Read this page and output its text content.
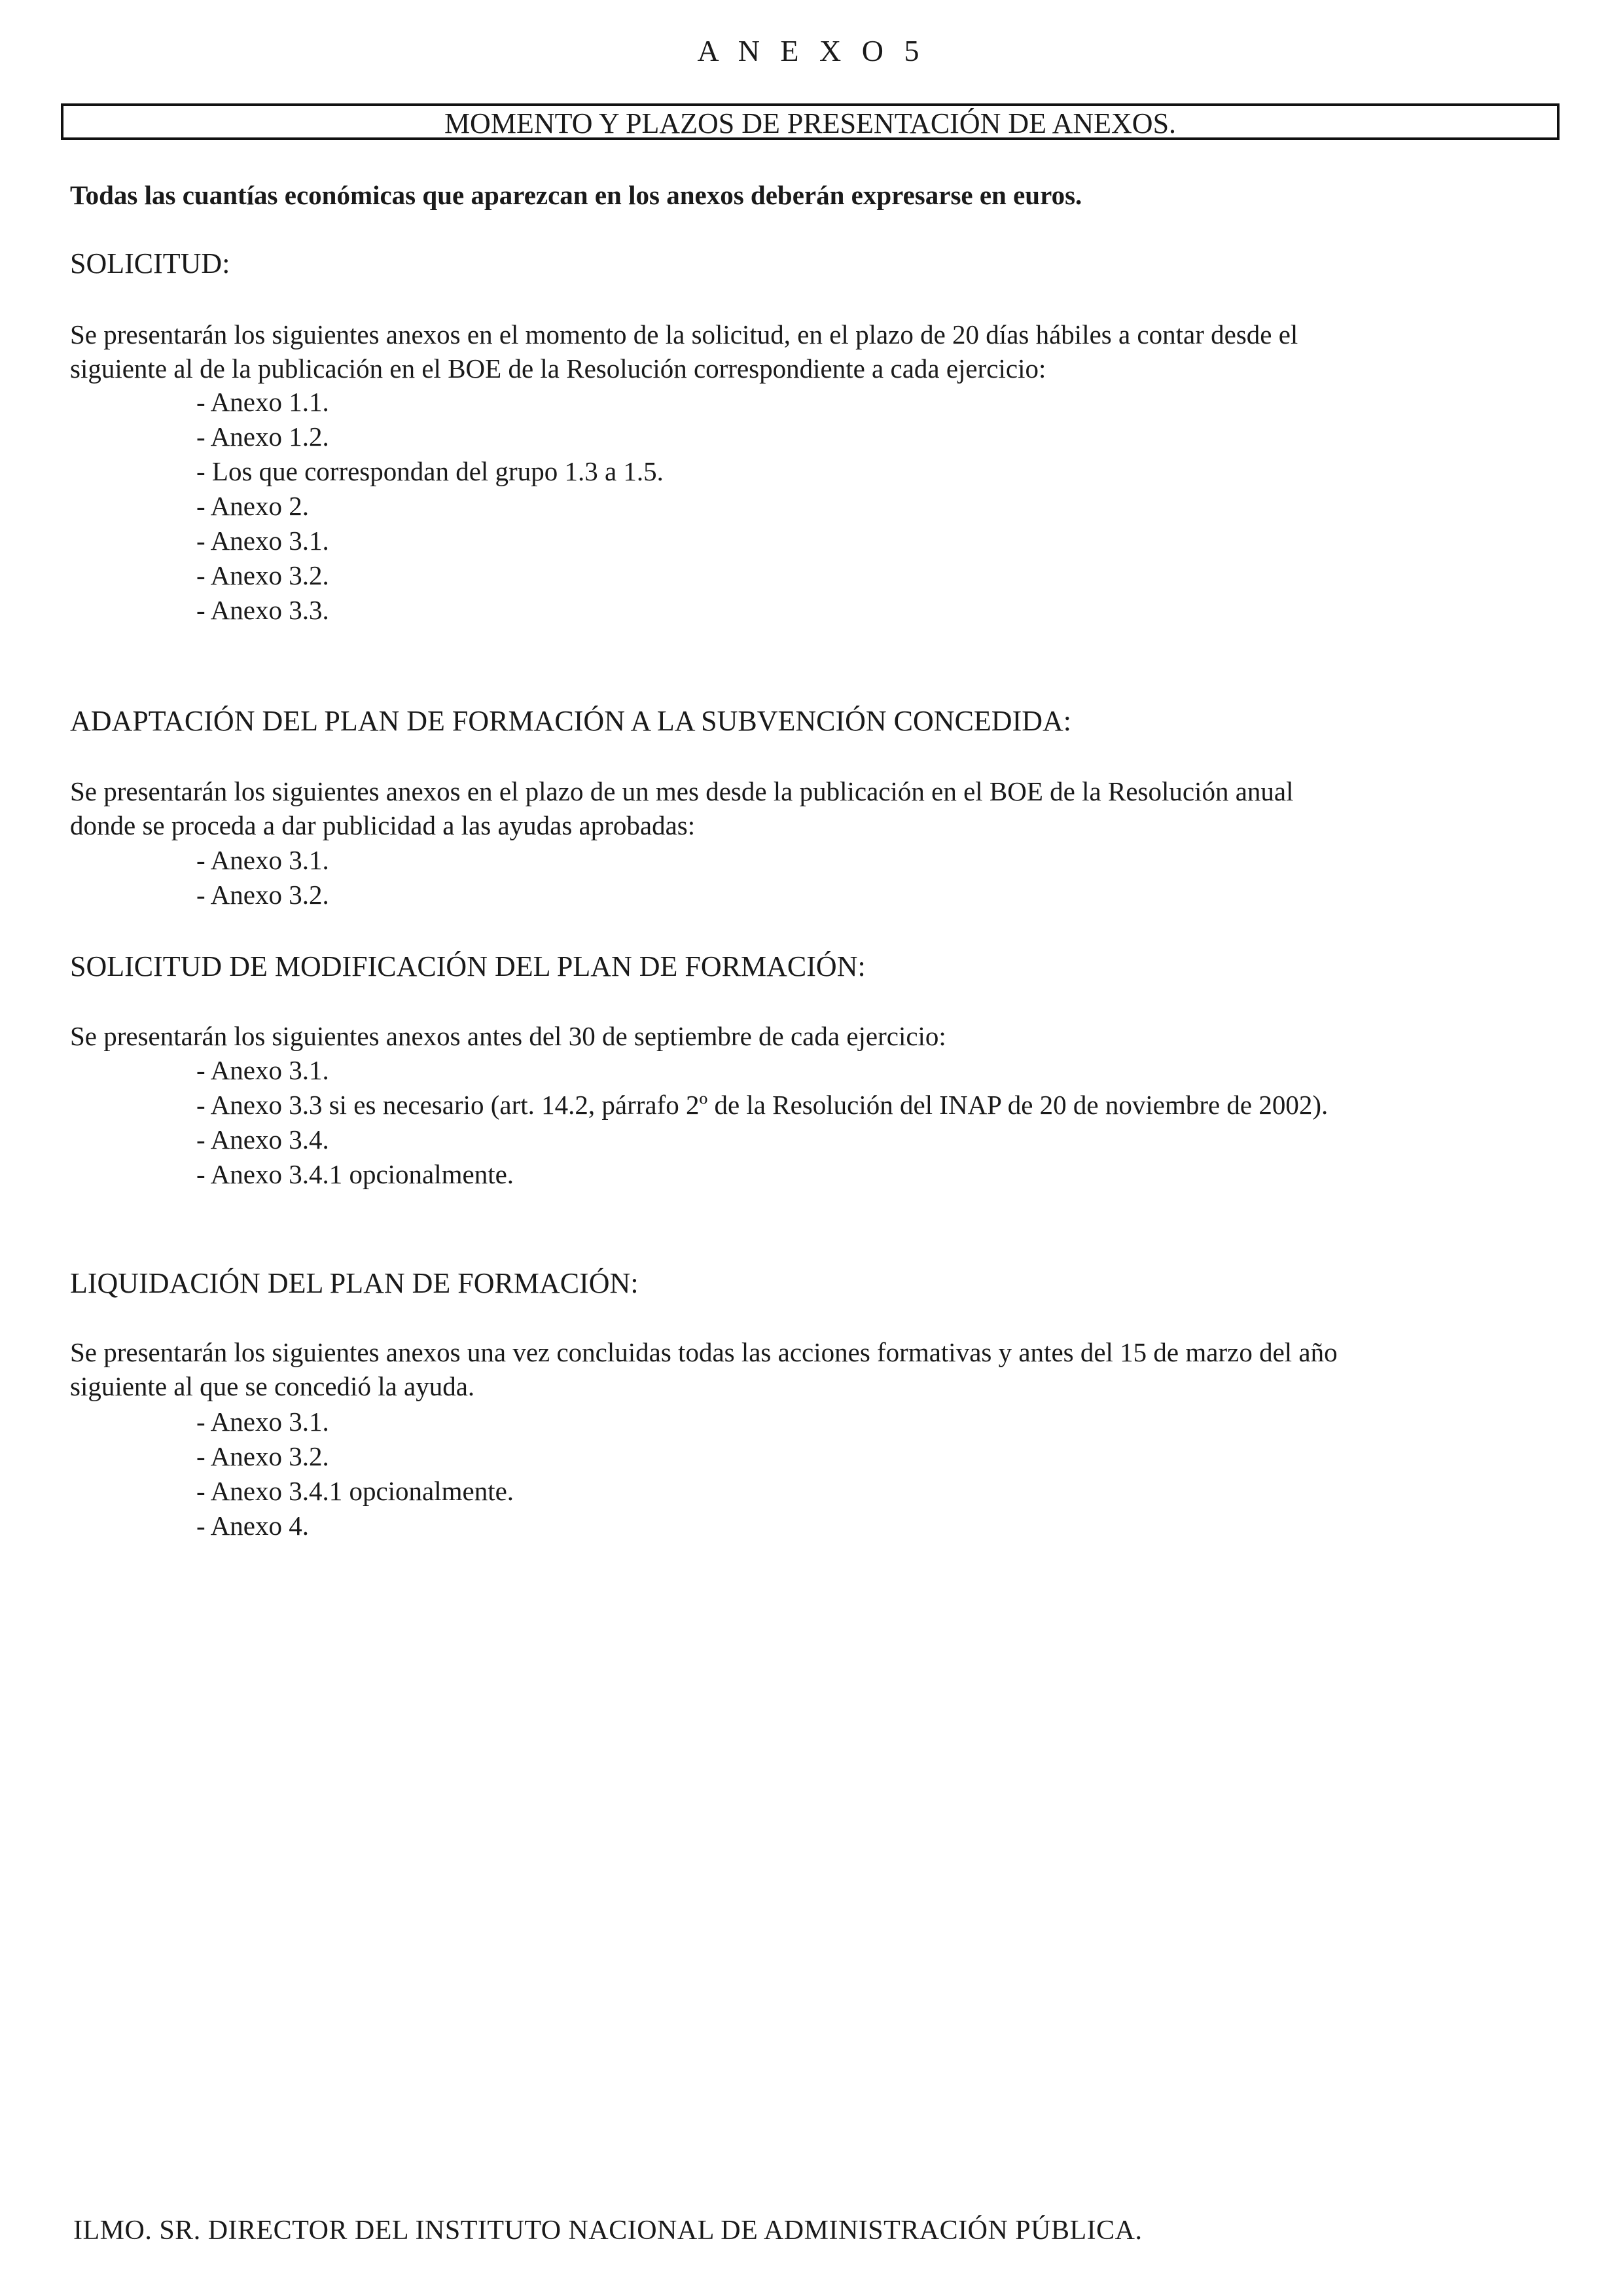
A N E X O 5
MOMENTO Y PLAZOS DE PRESENTACIÓN DE ANEXOS.
Todas las cuantías económicas que aparezcan en los anexos deberán expresarse en euros.
SOLICITUD:
Se presentarán los siguientes anexos en el momento de la solicitud, en el plazo de 20 días hábiles a contar desde el
siguiente al de la publicación en el BOE de la Resolución correspondiente a cada ejercicio:
- Anexo 1.1.
- Anexo 1.2.
- Los que correspondan del grupo 1.3 a 1.5.
- Anexo 2.
- Anexo 3.1.
- Anexo 3.2.
- Anexo 3.3.
ADAPTACIÓN DEL PLAN DE FORMACIÓN A LA SUBVENCIÓN CONCEDIDA:
Se presentarán los siguientes anexos en el plazo de un mes desde la publicación en el BOE de la Resolución anual
donde se proceda a dar publicidad a las ayudas aprobadas:
- Anexo 3.1.
- Anexo 3.2.
SOLICITUD DE MODIFICACIÓN DEL PLAN DE FORMACIÓN:
Se presentarán los siguientes anexos antes del 30 de septiembre de cada ejercicio:
- Anexo 3.1.
- Anexo 3.3 si es necesario (art. 14.2, párrafo 2º de la Resolución del INAP de 20 de noviembre de 2002).
- Anexo 3.4.
- Anexo 3.4.1 opcionalmente.
LIQUIDACIÓN DEL PLAN DE FORMACIÓN:
Se presentarán los siguientes anexos una vez concluidas todas las acciones formativas y antes del 15 de marzo del año
siguiente al que se concedió la ayuda.
- Anexo 3.1.
- Anexo 3.2.
- Anexo 3.4.1 opcionalmente.
- Anexo 4.
ILMO. SR. DIRECTOR DEL INSTITUTO NACIONAL DE ADMINISTRACIÓN PÚBLICA.
